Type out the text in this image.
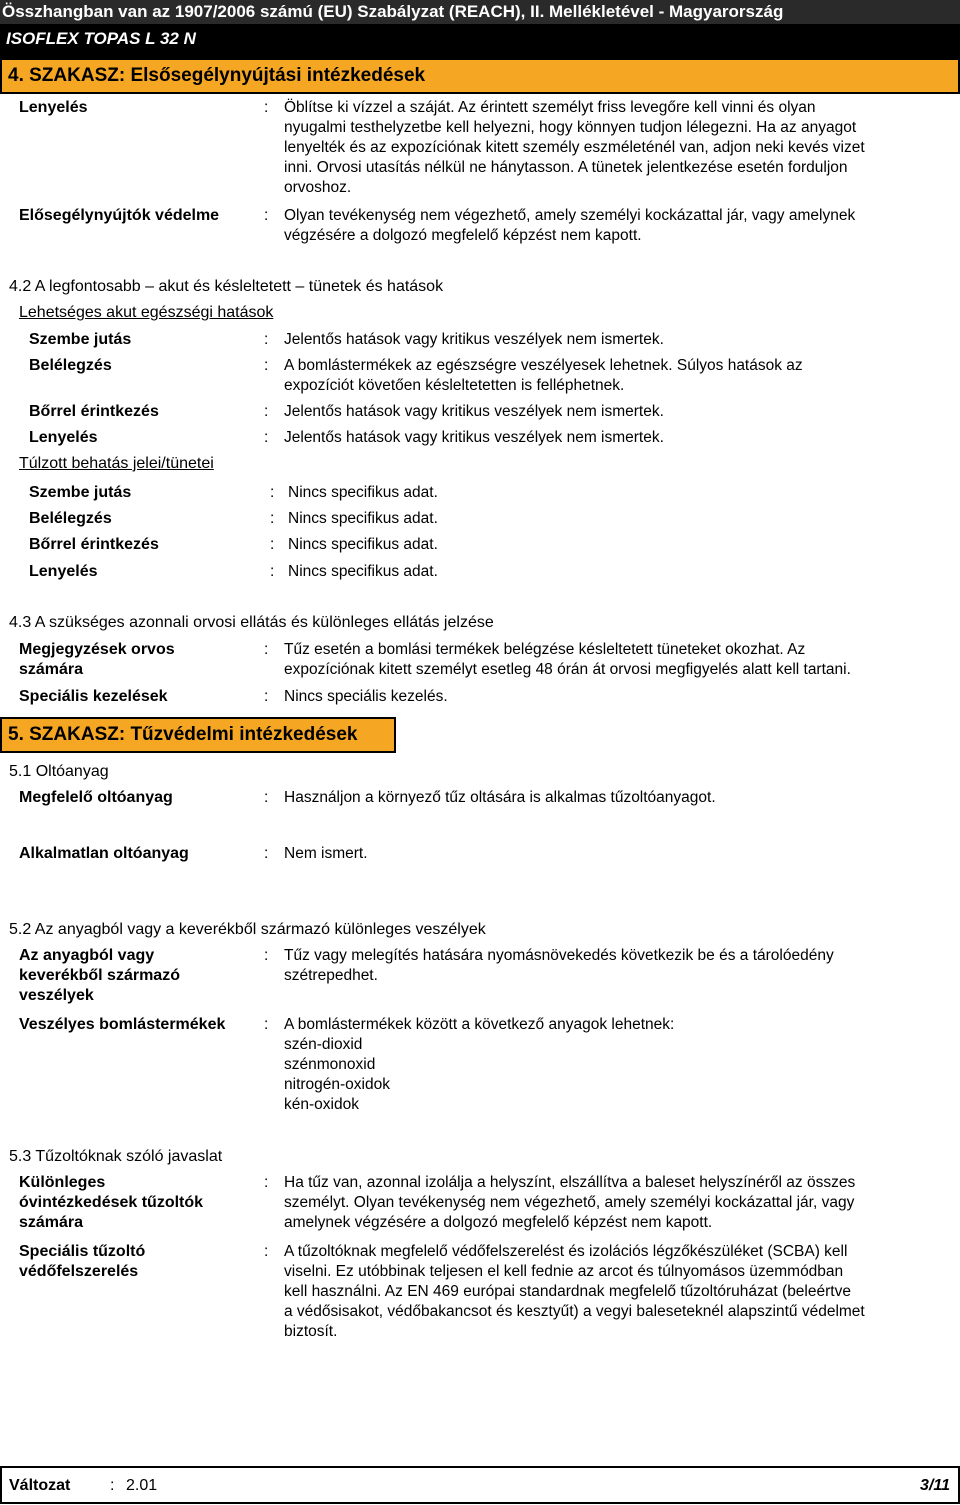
Összhangban van az 1907/2006 számú (EU) Szabályzat (REACH), II. Mellékletével - Magyarország
ISOFLEX TOPAS L 32 N
4. SZAKASZ: Elsősegélynyújtási intézkedések
Lenyelés	: Öblítse ki vízzel a száját. Az érintett személyt friss levegőre kell vinni és olyan
nyugalmi testhelyzetbe kell helyezni, hogy könnyen tudjon lélegezni. Ha az anyagot
lenyelték és az expozíciónak kitett személy eszméleténél van, adjon neki kevés vizet
inni. Orvosi utasítás nélkül ne hánytasson. A tünetek jelentkezése esetén forduljon
orvoshoz.
Elősegélynyújtók védelme	: Olyan tevékenység nem végezhető, amely személyi kockázattal jár, vagy amelynek
végzésére a dolgozó megfelelő képzést nem kapott.
4.2 A legfontosabb – akut és késleltetett – tünetek és hatások
Lehetséges akut egészségi hatások
Szembe jutás	: Jelentős hatások vagy kritikus veszélyek nem ismertek.
Belélegzés	: A bomlástermékek az egészségre veszélyesek lehetnek. Súlyos hatások az
expozíciót követően késleltetetten is felléphetnek.
Bőrrel érintkezés	: Jelentős hatások vagy kritikus veszélyek nem ismertek.
Lenyelés	: Jelentős hatások vagy kritikus veszélyek nem ismertek.
Túlzott behatás jelei/tünetei
Szembe jutás	: Nincs specifikus adat.
Belélegzés	: Nincs specifikus adat.
Bőrrel érintkezés	: Nincs specifikus adat.
Lenyelés	: Nincs specifikus adat.
4.3 A szükséges azonnali orvosi ellátás és különleges ellátás jelzése
Megjegyzések orvos
számára
: Tűz esetén a bomlási termékek belégzése késleltetett tüneteket okozhat. Az
expozíciónak kitett személyt esetleg 48 órán át orvosi megfigyelés alatt kell tartani.
Speciális kezelések	: Nincs speciális kezelés.
5. SZAKASZ: Tűzvédelmi intézkedések
5.1 Oltóanyag
Megfelelő oltóanyag	: Használjon a környező tűz oltására is alkalmas tűzoltóanyagot.
Alkalmatlan oltóanyag	: Nem ismert.
5.2 Az anyagból vagy a keverékből származó különleges veszélyek
Az anyagból vagy
keverékből származó
veszélyek
: Tűz vagy melegítés hatására nyomásnövekedés következik be és a tárolóedény
szétrepedhet.
Veszélyes bomlástermékek : A bomlástermékek között a következő anyagok lehetnek:
szén-dioxid
szénmonoxid
nitrogén-oxidok
kén-oxidok
5.3 Tűzoltóknak szóló javaslat
Különleges
óvintézkedések tűzoltók
számára
: Ha tűz van, azonnal izolálja a helyszínt, elszállítva a baleset helyszínéről az összes
személyt. Olyan tevékenység nem végezhető, amely személyi kockázattal jár, vagy
amelynek végzésére a dolgozó megfelelő képzést nem kapott.
Speciális tűzoltó
védőfelszerelés
: A tűzoltóknak megfelelő védőfelszerelést és izolációs légzőkészüléket (SCBA) kell
viselni. Ez utóbbinak teljesen el kell fednie az arcot és túlnyomásos üzemmódban
kell használni. Az EN 469 európai standardnak megfelelő tűzoltóruházat (beleértve
a védősisakot, védőbakancsot és kesztyűt) a vegyi baleseteknél alapszintű védelmet
biztosít.
Változat : 2.01	3/11
